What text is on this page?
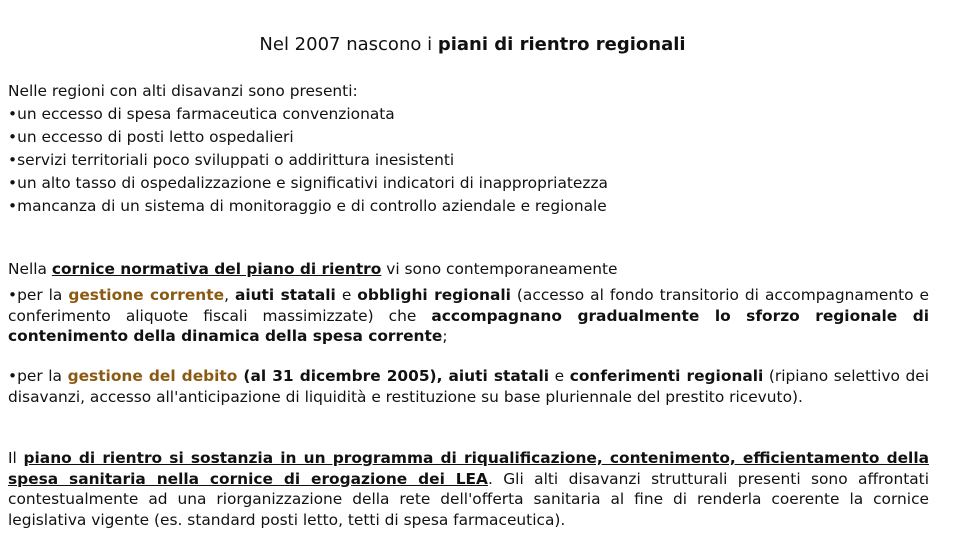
Nel 2007 nascono i piani di rientro regionali
Nelle regioni con alti disavanzi sono presenti:
•un eccesso di spesa farmaceutica convenzionata
•un eccesso di posti letto ospedalieri
•servizi territoriali poco sviluppati o addirittura inesistenti
•un alto tasso di ospedalizzazione e significativi indicatori di inappropriatezza
•mancanza di un sistema di monitoraggio e di controllo aziendale e regionale
Nella cornice normativa del piano di rientro vi sono contemporaneamente
•per la gestione corrente, aiuti statali e obblighi regionali (accesso al fondo transitorio di accompagnamento e conferimento aliquote fiscali massimizzate) che accompagnano gradualmente lo sforzo regionale di contenimento della dinamica della spesa corrente;
•per la gestione del debito (al 31 dicembre 2005), aiuti statali e conferimenti regionali (ripiano selettivo dei disavanzi, accesso all'anticipazione di liquidità e restituzione su base pluriennale del prestito ricevuto).
Il piano di rientro si sostanzia in un programma di riqualificazione, contenimento, efficientamento della spesa sanitaria nella cornice di erogazione dei LEA. Gli alti disavanzi strutturali presenti sono affrontati contestualmente ad una riorganizzazione della rete dell'offerta sanitaria al fine di renderla coerente la cornice legislativa vigente (es. standard posti letto, tetti di spesa farmaceutica).
